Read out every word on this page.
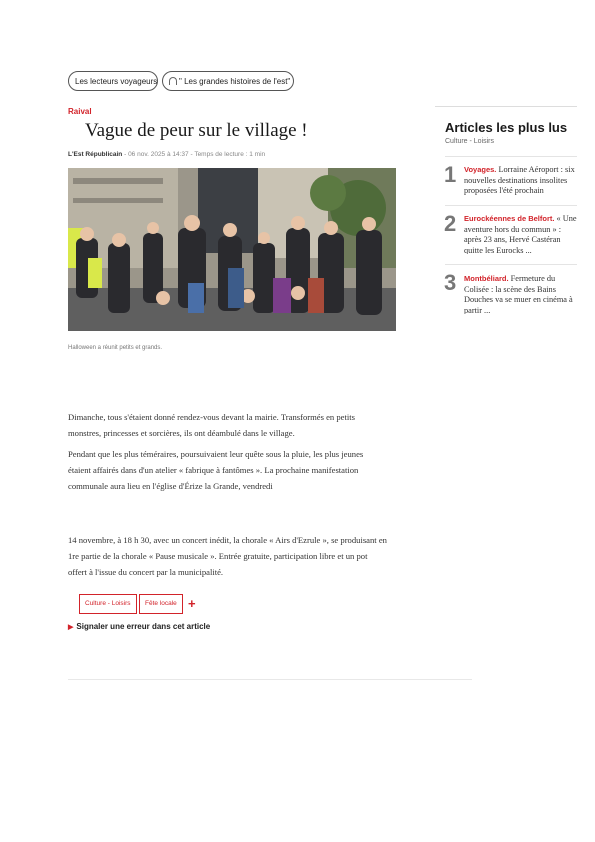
Les lecteurs voyageurs	" Les grandes histoires de l'est"
Raival
Vague de peur sur le village !
L'Est Républicain - 06 nov. 2025 à 14:37 - Temps de lecture : 1 min
Halloween a réunit petits et grands.
Dimanche, tous s'étaient donné rendez-vous devant la mairie. Transformés en petits monstres, princesses et sorcières, ils ont déambulé dans le village.
Pendant que les plus téméraires, poursuivaient leur quête sous la pluie, les plus jeunes étaient affairés dans d'un atelier « fabrique à fantômes ». La prochaine manifestation communale aura lieu en l'église d'Érize la Grande, vendredi
14 novembre, à 18 h 30, avec un concert inédit, la chorale « Airs d'Ezrule », se produisant en 1re partie de la chorale « Pause musicale ». Entrée gratuite, participation libre et un pot offert à l'issue du concert par la municipalité.
Culture - Loisirs	Fête locale +
▶ Signaler une erreur dans cet article
Articles les plus lus
Culture - Loisirs
1 Voyages. Lorraine Aéroport : six nouvelles destinations insolites proposées l'été prochain
2 Eurockéennes de Belfort. « Une aventure hors du commun » : après 23 ans, Hervé Castéran quitte les Eurocks ...
3 Montbéliard. Fermeture du Colisée : la scène des Bains Douches va se muer en cinéma à partir ...
